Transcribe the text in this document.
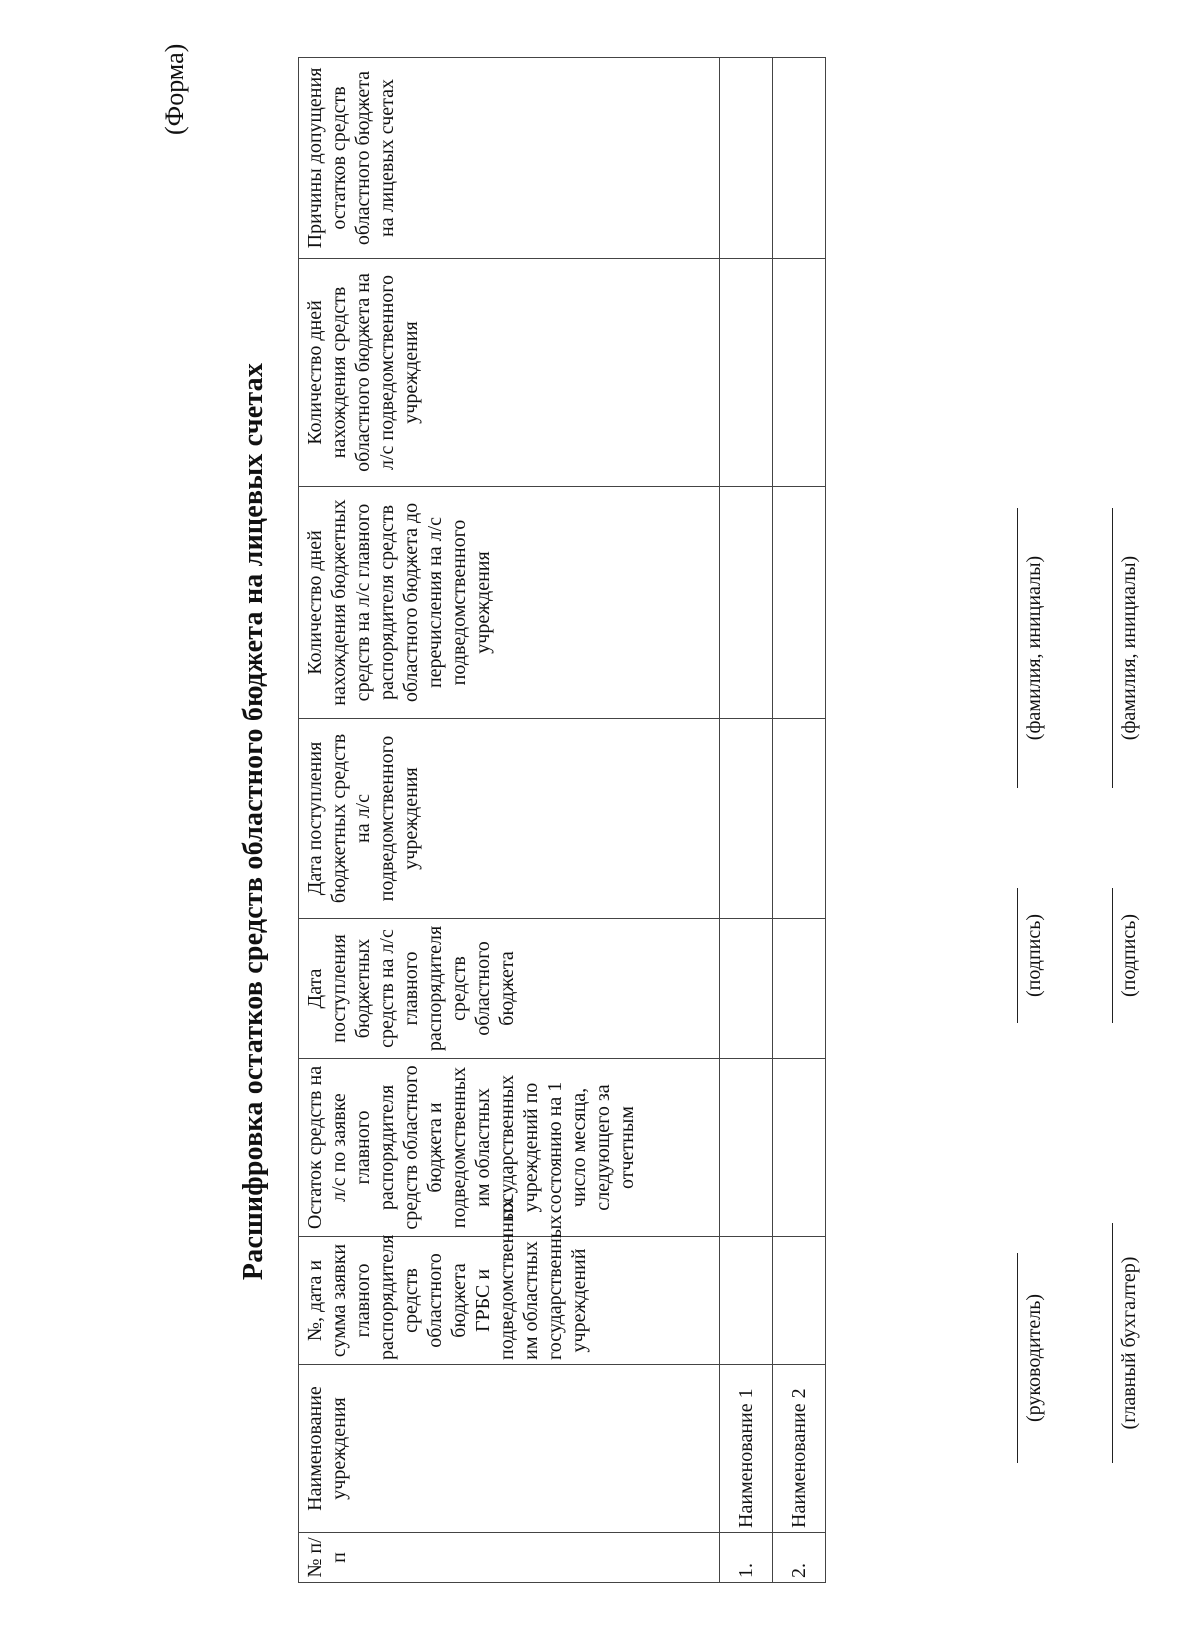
(Форма)
Расшифровка остатков средств областного бюджета на лицевых счетах
№ п/п	Наименование учреждения	№, дата и сумма заявки главного распорядителя средств областного бюджета ГРБС и подведомственных им областных государственных учреждений	Остаток средств на л/с по заявке главного распорядителя средств областного бюджета и подведомственных им областных государственных учреждений по состоянию на 1 число месяца, следующего за отчетным	Дата поступления бюджетных средств на л/с главного распорядителя средств областного бюджета	Дата поступления бюджетных средств на л/с подведомственного учреждения	Количество дней нахождения бюджетных средств на л/с главного распорядителя средств областного бюджета до перечисления на л/с подведомственного учреждения	Количество дней нахождения средств областного бюджета на л/с подведомственного учреждения	Причины допущения остатков средств областного бюджета на лицевых счетах
1.	Наименование 1							
2.	Наименование 2							
(руководитель)
(подпись)
(фамилия, инициалы)
(главный бухгалтер)
(подпись)
(фамилия, инициалы)
